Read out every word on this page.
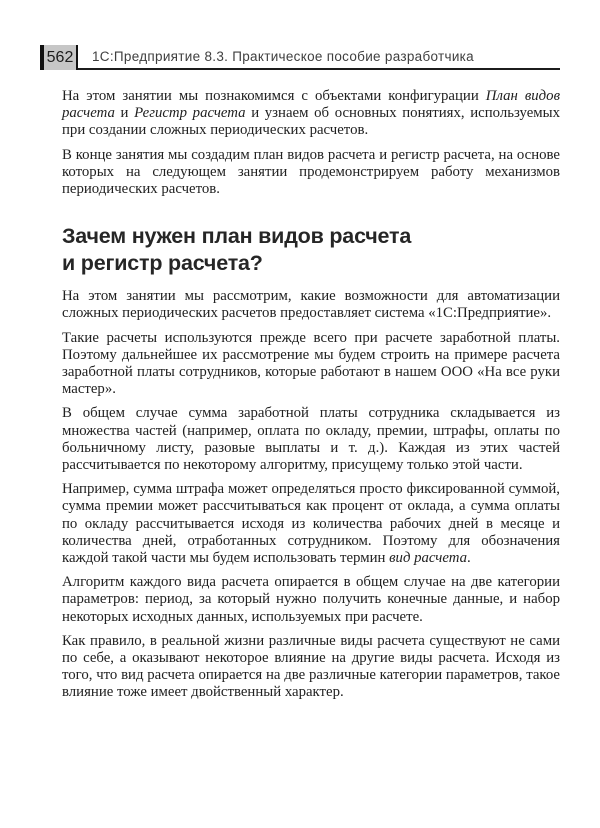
562	1С:Предприятие 8.3. Практическое пособие разработчика

На этом занятии мы познакомимся с объектами конфигурации План видов расчета и Регистр расчета и узнаем об основных понятиях, используемых при создании сложных периодических расчетов.

В конце занятия мы создадим план видов расчета и регистр расчета, на основе которых на следующем занятии продемонстрируем работу механизмов периодических расчетов.

Зачем нужен план видов расчета
и регистр расчета?

На этом занятии мы рассмотрим, какие возможности для автоматизации сложных периодических расчетов предоставляет система «1С:Предприятие».

Такие расчеты используются прежде всего при расчете заработной платы. Поэтому дальнейшее их рассмотрение мы будем строить на примере расчета заработной платы сотрудников, которые работают в нашем ООО «На все руки мастер».

В общем случае сумма заработной платы сотрудника складывается из множества частей (например, оплата по окладу, премии, штрафы, оплаты по больничному листу, разовые выплаты и т. д.). Каждая из этих частей рассчитывается по некоторому алгоритму, присущему только этой части.

Например, сумма штрафа может определяться просто фиксированной суммой, сумма премии может рассчитываться как процент от оклада, а сумма оплаты по окладу рассчитывается исходя из количества рабочих дней в месяце и количества дней, отработанных сотрудником. Поэтому для обозначения каждой такой части мы будем использовать термин вид расчета.

Алгоритм каждого вида расчета опирается в общем случае на две категории параметров: период, за который нужно получить конечные данные, и набор некоторых исходных данных, используемых при расчете.

Как правило, в реальной жизни различные виды расчета существуют не сами по себе, а оказывают некоторое влияние на другие виды расчета. Исходя из того, что вид расчета опирается на две различные категории параметров, такое влияние тоже имеет двойственный характер.
